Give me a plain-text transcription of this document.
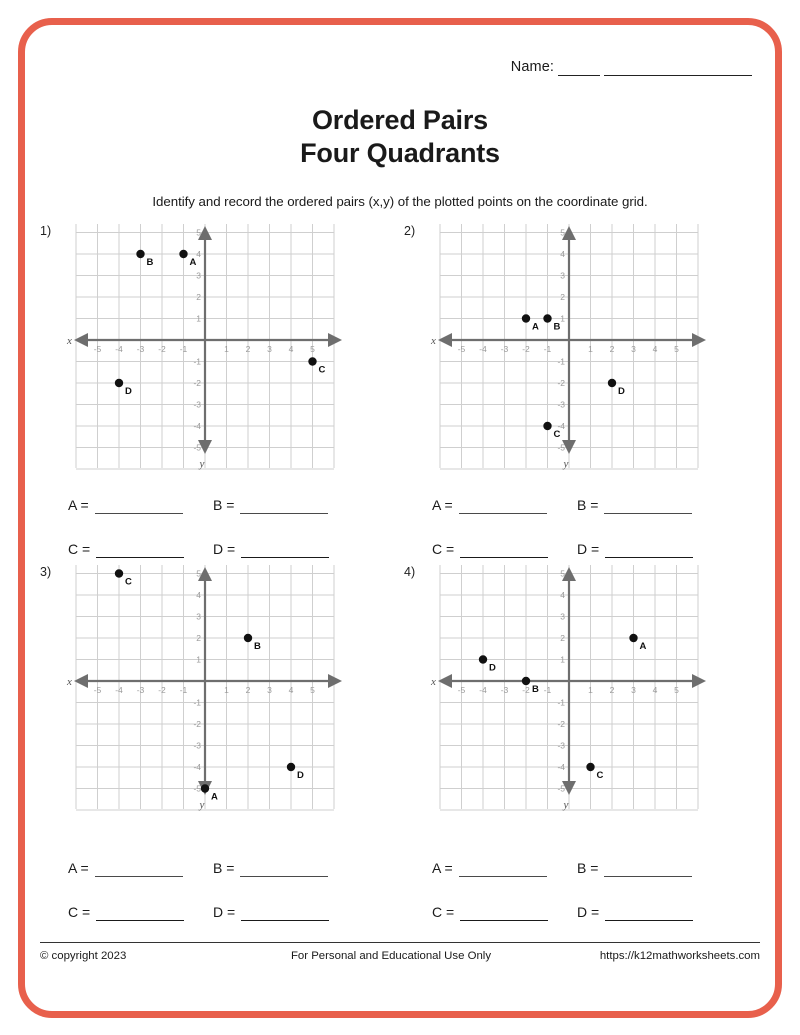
Name:
Ordered Pairs
Four Quadrants
Identify and record the ordered pairs (x,y) of the plotted points on the coordinate grid.
1)
x
y
-5
-5
-4
-4
-3
-3
-2
-2
-1
-1
1
1
2
2
3
3
4
4
5
5
A
B
C
D
A =	B =
C =	D =
2)
x
y
-5
-5
-4
-4
-3
-3
-2
-2
-1
-1
1
1
2
2
3
3
4
4
5
5
A B
C
D
A =	B =
C =	D =
3)
x
y
-5
-5
-4
-4
-3
-3
-2
-2
-1
-1
1
1
2
2
3
3
4
4
5
5
A
B
C
D
A =	B =
C =	D =
4)
x
y
-5
-5
-4
-4
-3
-3
-2
-2
-1
-1
1
1
2
2
3
3
4
4
5
5
A
B
C
D
A =	B =
C =	D =
© copyright 2023	For Personal and Educational Use Only	https://k12mathworksheets.com
